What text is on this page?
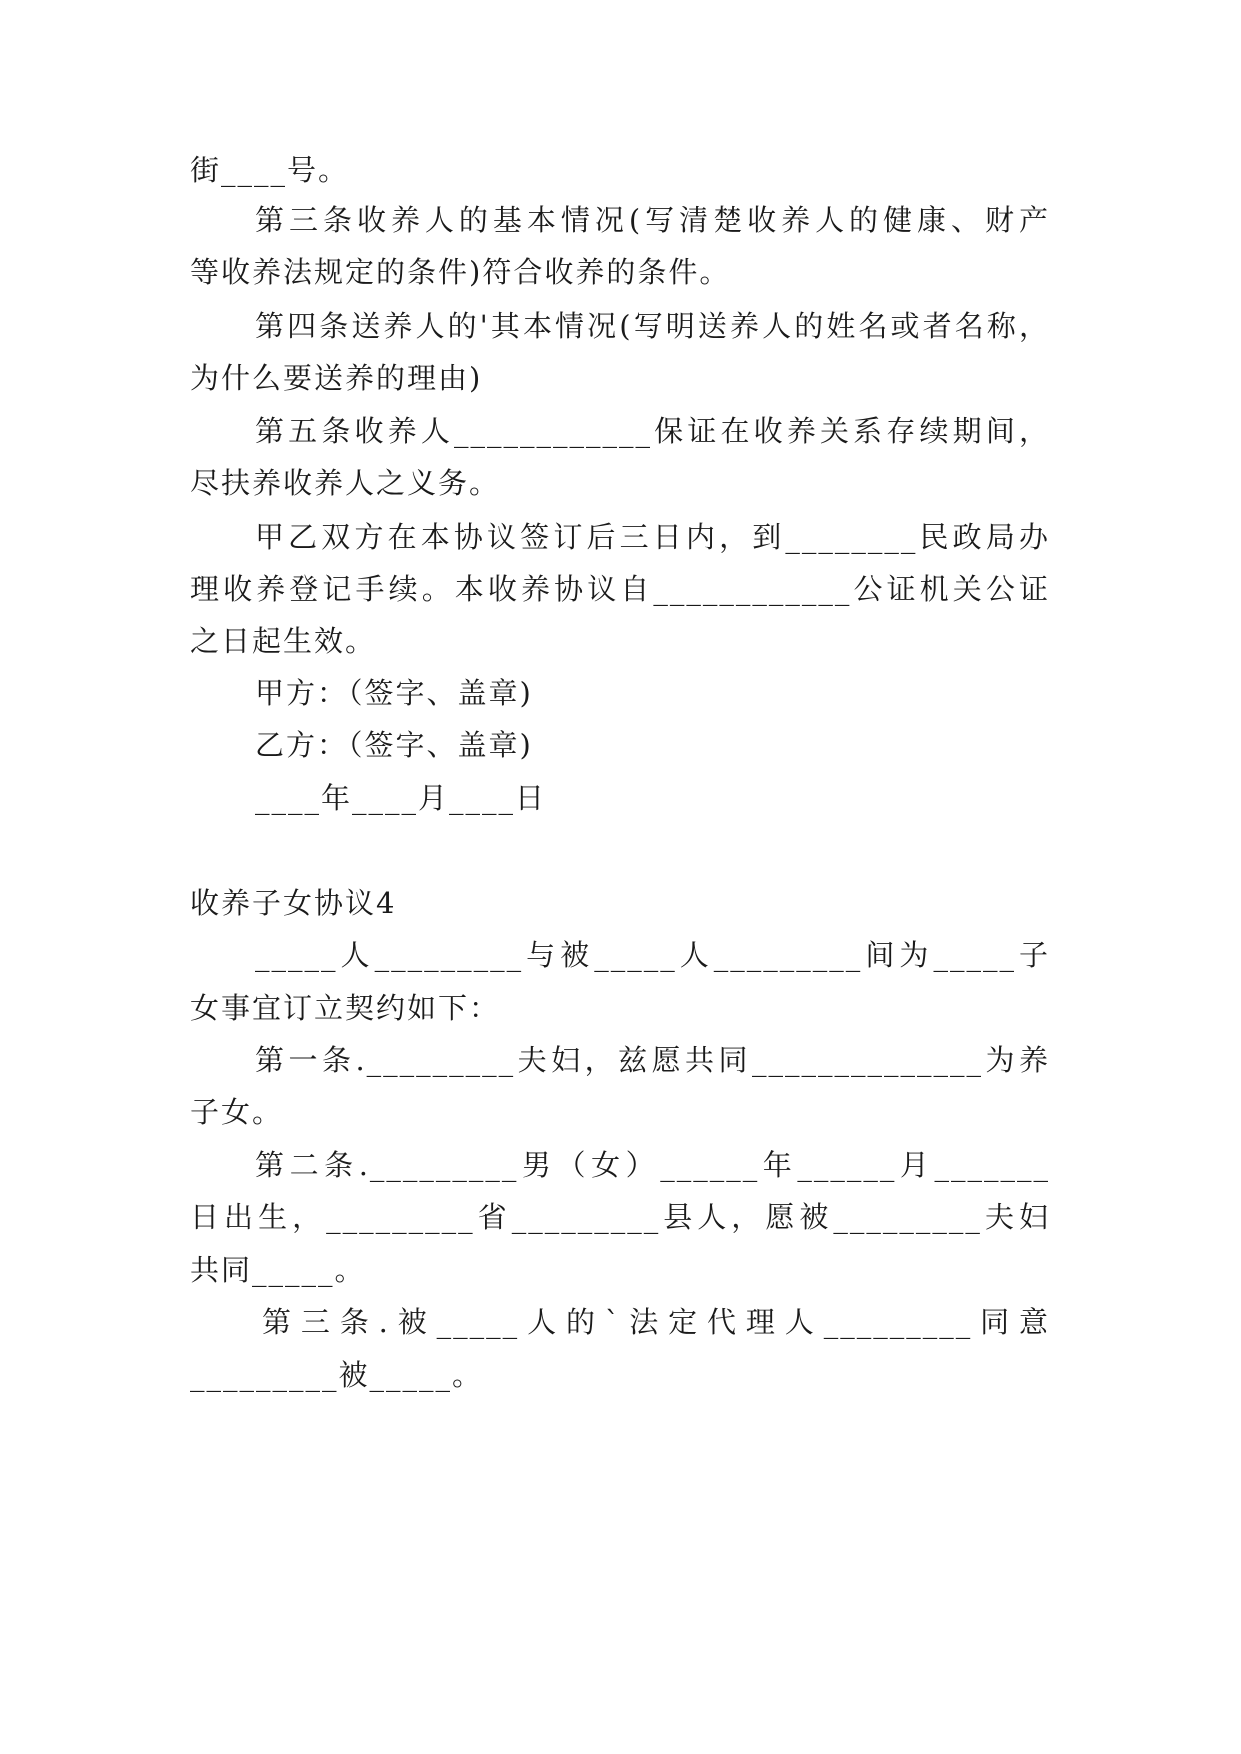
街____号。

第三条收养人的基本情况(写清楚收养人的健康、财产

等收养法规定的条件)符合收养的条件。

第四条送养人的'其本情况(写明送养人的姓名或者名称，

为什么要送养的理由)

第五条收养人____________保证在收养关系存续期间，

尽扶养收养人之义务。

甲乙双方在本协议签订后三日内，到________民政局办

理收养登记手续。本收养协议自____________公证机关公证

之日起生效。

甲方：（签字、盖章)

乙方：（签字、盖章)

____年____月____日

收养子女协议4

_____人_________与被_____人_________间为_____子

女事宜订立契约如下：

第一条._________夫妇，兹愿共同______________为养

子女。

第二条._________男（女）______年______月_______

日出生，_________省_________县人，愿被_________夫妇

共同_____。

第三条.被_____人的`法定代理人_________同意

_________被_____。
